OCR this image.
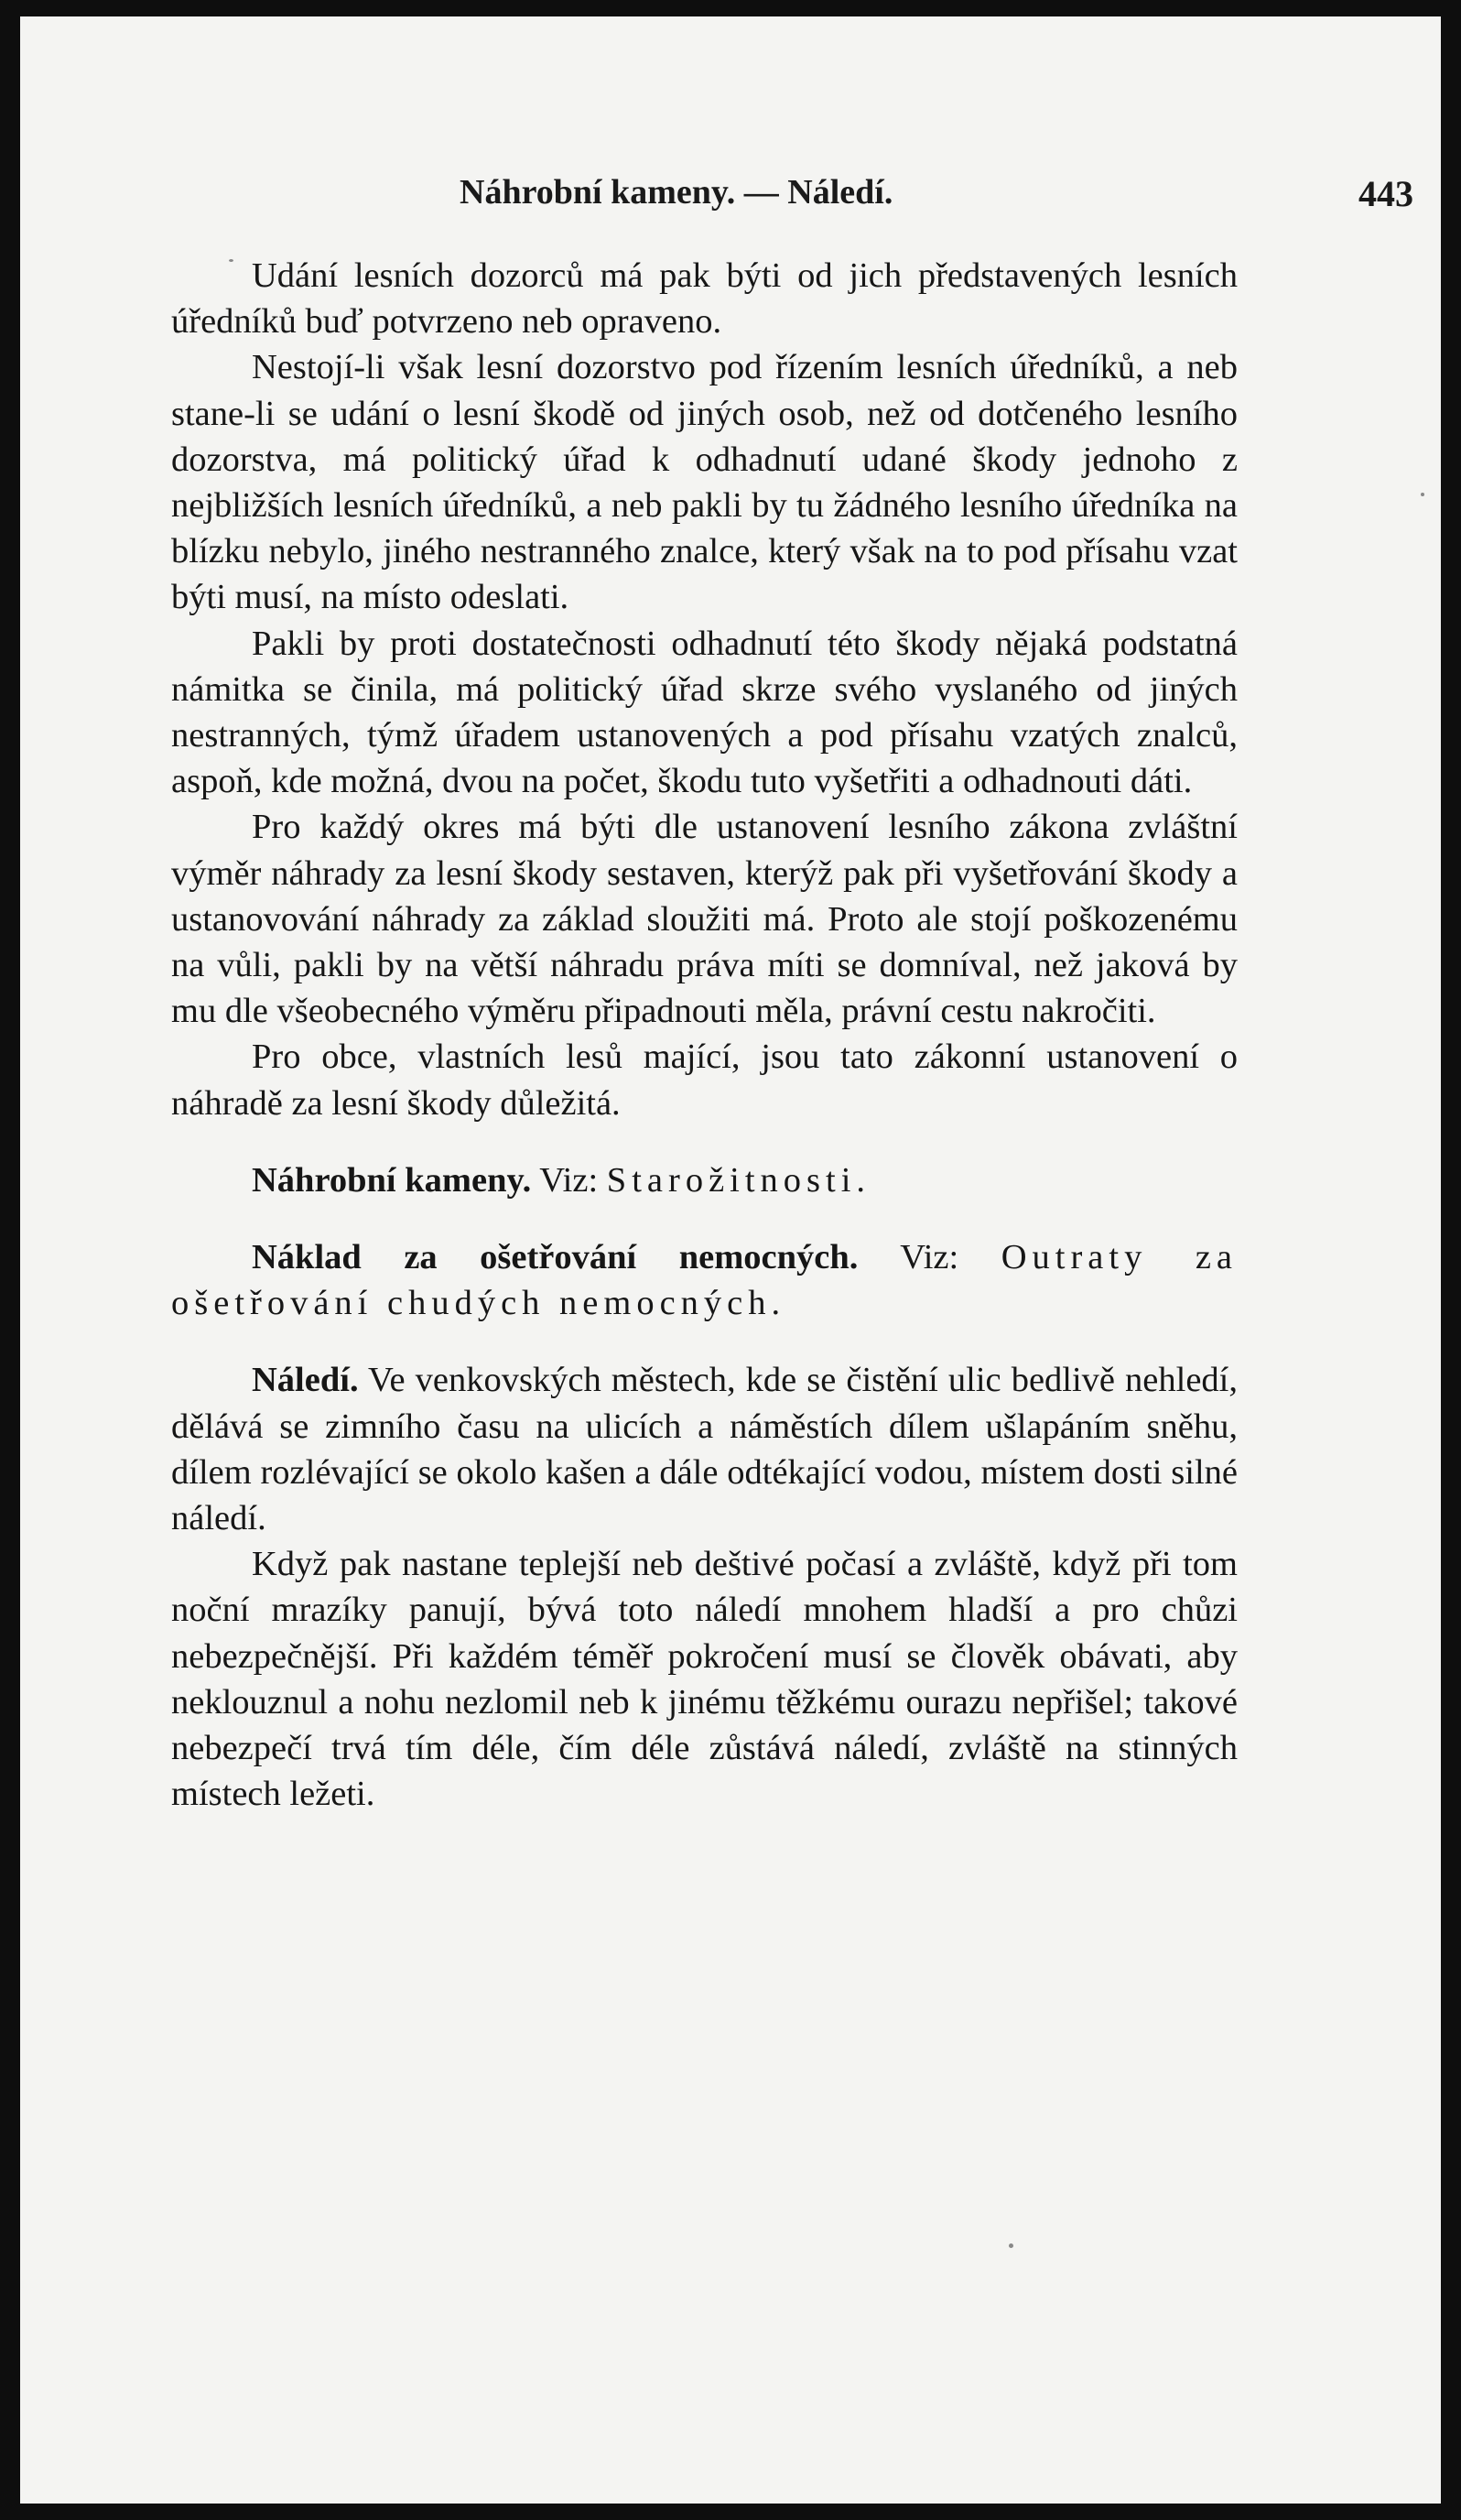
Náhrobní kameny. — Náledí.	443

Udání lesních dozorců má pak býti od jich představených lesních úředníků buď potvrzeno neb opraveno.

Nestojí-li však lesní dozorstvo pod řízením lesních úředníků, a neb stane-li se udání o lesní škodě od jiných osob, než od dotčeného lesního dozorstva, má politický úřad k odhadnutí udané škody jednoho z nejbližších lesních úředníků, a neb pakli by tu žádného lesního úředníka na blízku nebylo, jiného nestranného znalce, který však na to pod přísahu vzat býti musí, na místo odeslati.

Pakli by proti dostatečnosti odhadnutí této škody nějaká podstatná námitka se činila, má politický úřad skrze svého vyslaného od jiných nestranných, týmž úřadem ustanovených a pod přísahu vzatých znalců, aspoň, kde možná, dvou na počet, škodu tuto vyšetřiti a odhadnouti dáti.

Pro každý okres má býti dle ustanovení lesního zákona zvláštní výměr náhrady za lesní škody sestaven, kterýž pak při vyšetřování škody a ustanovování náhrady za základ sloužiti má. Proto ale stojí poškozenému na vůli, pakli by na větší náhradu práva míti se domníval, než jaková by mu dle všeobecného výměru připadnouti měla, právní cestu nakročiti.

Pro obce, vlastních lesů mající, jsou tato zákonní ustanovení o náhradě za lesní škody důležitá.

Náhrobní kameny. Viz: Starožitnosti.

Náklad za ošetřování nemocných. Viz: Outraty za ošetřování chudých nemocných.

Náledí. Ve venkovských městech, kde se čistění ulic bedlivě nehledí, dělává se zimního času na ulicích a náměstích dílem ušlapáním sněhu, dílem rozlévající se okolo kašen a dále odtékající vodou, místem dosti silné náledí.

Když pak nastane teplejší neb deštivé počasí a zvláště, když při tom noční mrazíky panují, bývá toto náledí mnohem hladší a pro chůzi nebezpečnější. Při každém téměř pokročení musí se člověk obávati, aby neklouznul a nohu nezlomil neb k jinému těžkému ourazu nepřišel; takové nebezpečí trvá tím déle, čím déle zůstává náledí, zvláště na stinných místech ležeti.
